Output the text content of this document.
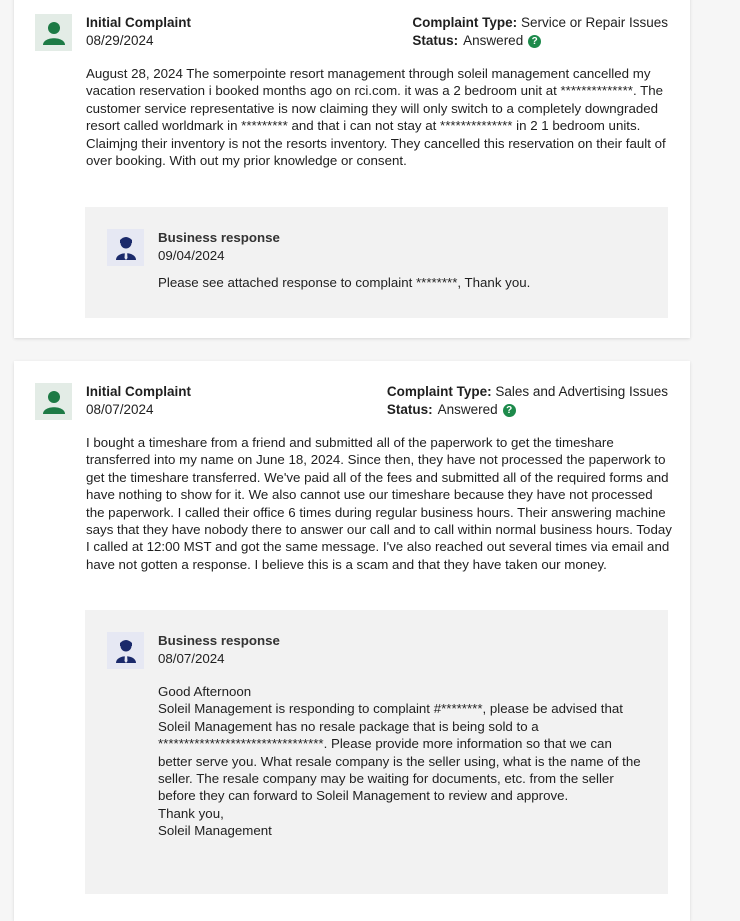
Initial Complaint
08/29/2024
Complaint Type: Service or Repair Issues
Status: Answered ?

August 28, 2024 The somerpointe resort management through soleil management cancelled my vacation reservation i booked months ago on rci.com. it was a 2 bedroom unit at **************. The customer service representative is now claiming they will only switch to a completely downgraded resort called worldmark in ********* and that i can not stay at ************** in 2 1 bedroom units. Claimjng their inventory is not the resorts inventory. They cancelled this reservation on their fault of over booking. With out my prior knowledge or consent.

Business response
09/04/2024

Please see attached response to complaint ********, Thank you.

Initial Complaint
08/07/2024
Complaint Type: Sales and Advertising Issues
Status: Answered ?

I bought a timeshare from a friend and submitted all of the paperwork to get the timeshare transferred into my name on June 18, 2024. Since then, they have not processed the paperwork to get the timeshare transferred. We've paid all of the fees and submitted all of the required forms and have nothing to show for it. We also cannot use our timeshare because they have not processed the paperwork. I called their office 6 times during regular business hours. Their answering machine says that they have nobody there to answer our call and to call within normal business hours. Today I called at 12:00 MST and got the same message. I've also reached out several times via email and have not gotten a response. I believe this is a scam and that they have taken our money.

Business response
08/07/2024

Good Afternoon
Soleil Management is responding to complaint #********, please be advised that Soleil Management has no resale package that is being sold to a ********************************. Please provide more information so that we can better serve you. What resale company is the seller using, what is the name of the seller. The resale company may be waiting for documents, etc. from the seller before they can forward to Soleil Management to review and approve.
Thank you,
Soleil Management
